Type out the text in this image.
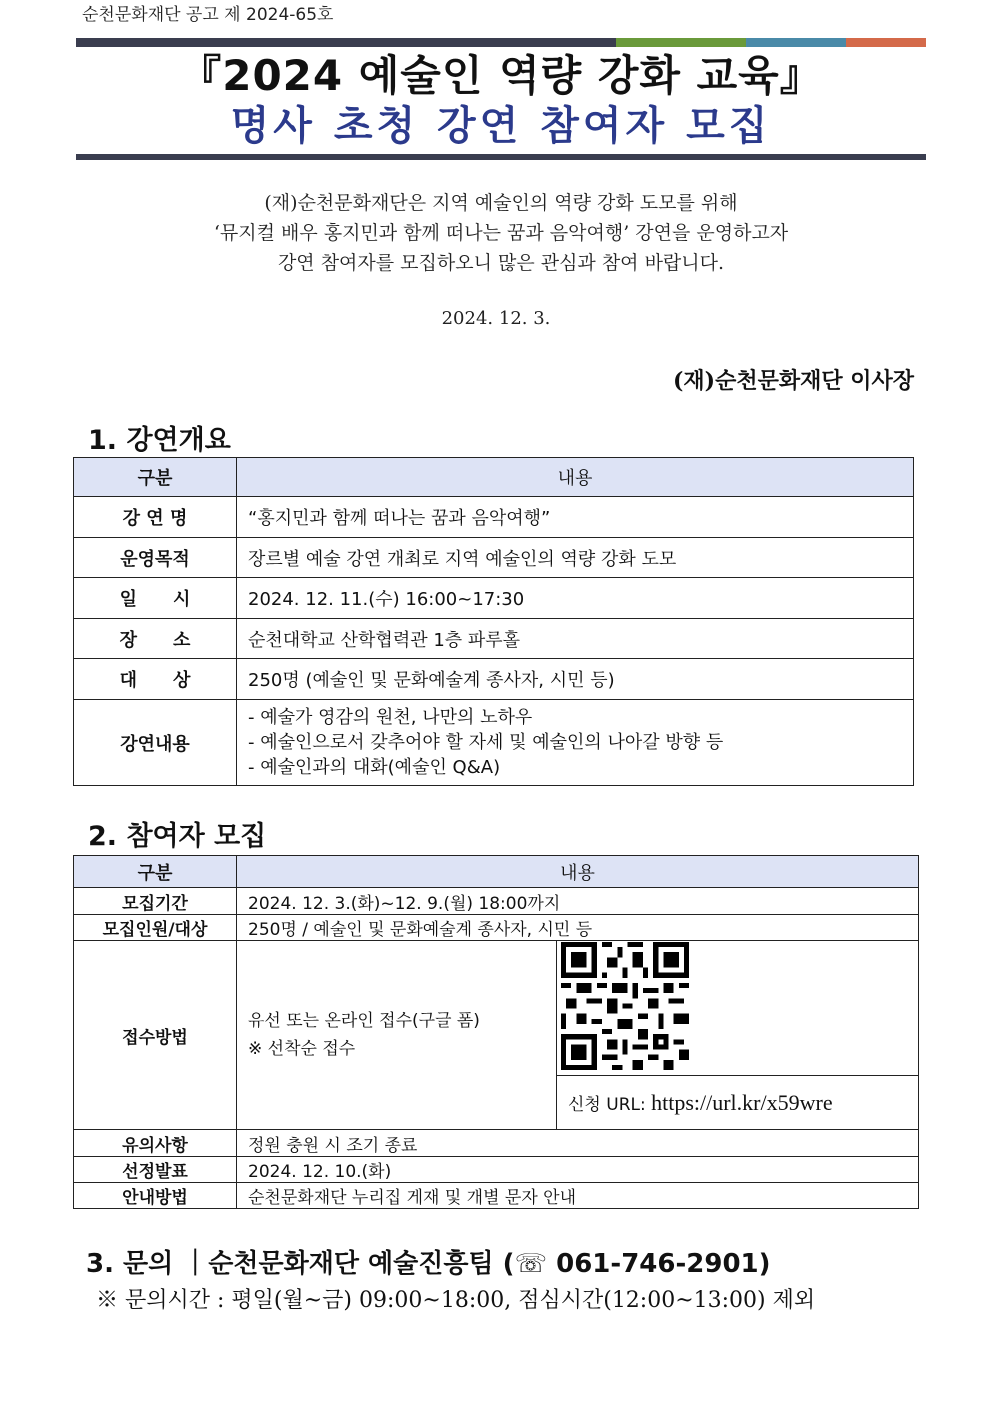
순천문화재단 공고 제 2024-65호
『2024 예술인 역량 강화 교육』
명사 초청 강연 참여자 모집
(재)순천문화재단은 지역 예술인의 역량 강화 도모를 위해
‘뮤지컬 배우 홍지민과 함께 떠나는 꿈과 음악여행’ 강연을 운영하고자
강연 참여자를 모집하오니 많은 관심과 참여 바랍니다.
2024. 12. 3.
(재)순천문화재단 이사장
1. 강연개요
구분	내용
강 연 명	“홍지민과 함께 떠나는 꿈과 음악여행”
운영목적	장르별 예술 강연 개최로 지역 예술인의 역량 강화 도모
일　　시	2024. 12. 11.(수) 16:00~17:30
장　　소	순천대학교 산학협력관 1층 파루홀
대　　상	250명 (예술인 및 문화예술계 종사자, 시민 등)
강연내용	- 예술가 영감의 원천, 나만의 노하우
- 예술인으로서 갖추어야 할 자세 및 예술인의 나아갈 방향 등
- 예술인과의 대화(예술인 Q&A)
2. 참여자 모집
구분	내용	
모집기간	2024. 12. 3.(화)~12. 9.(월) 18:00까지	
모집인원/대상	250명 / 예술인 및 문화예술계 종사자, 시민 등	
접수방법	유선 또는 온라인 접수(구글 폼)
※ 선착순 접수

		신청 URL: https://url.kr/x59wre
유의사항	정원 충원 시 조기 종료	
선정발표	2024. 12. 10.(화)	
안내방법	순천문화재단 누리집 게재 및 개별 문자 안내	
3. 문의 ｜순천문화재단 예술진흥팀 (☏ 061-746-2901)
※ 문의시간 : 평일(월~금) 09:00~18:00, 점심시간(12:00~13:00) 제외
